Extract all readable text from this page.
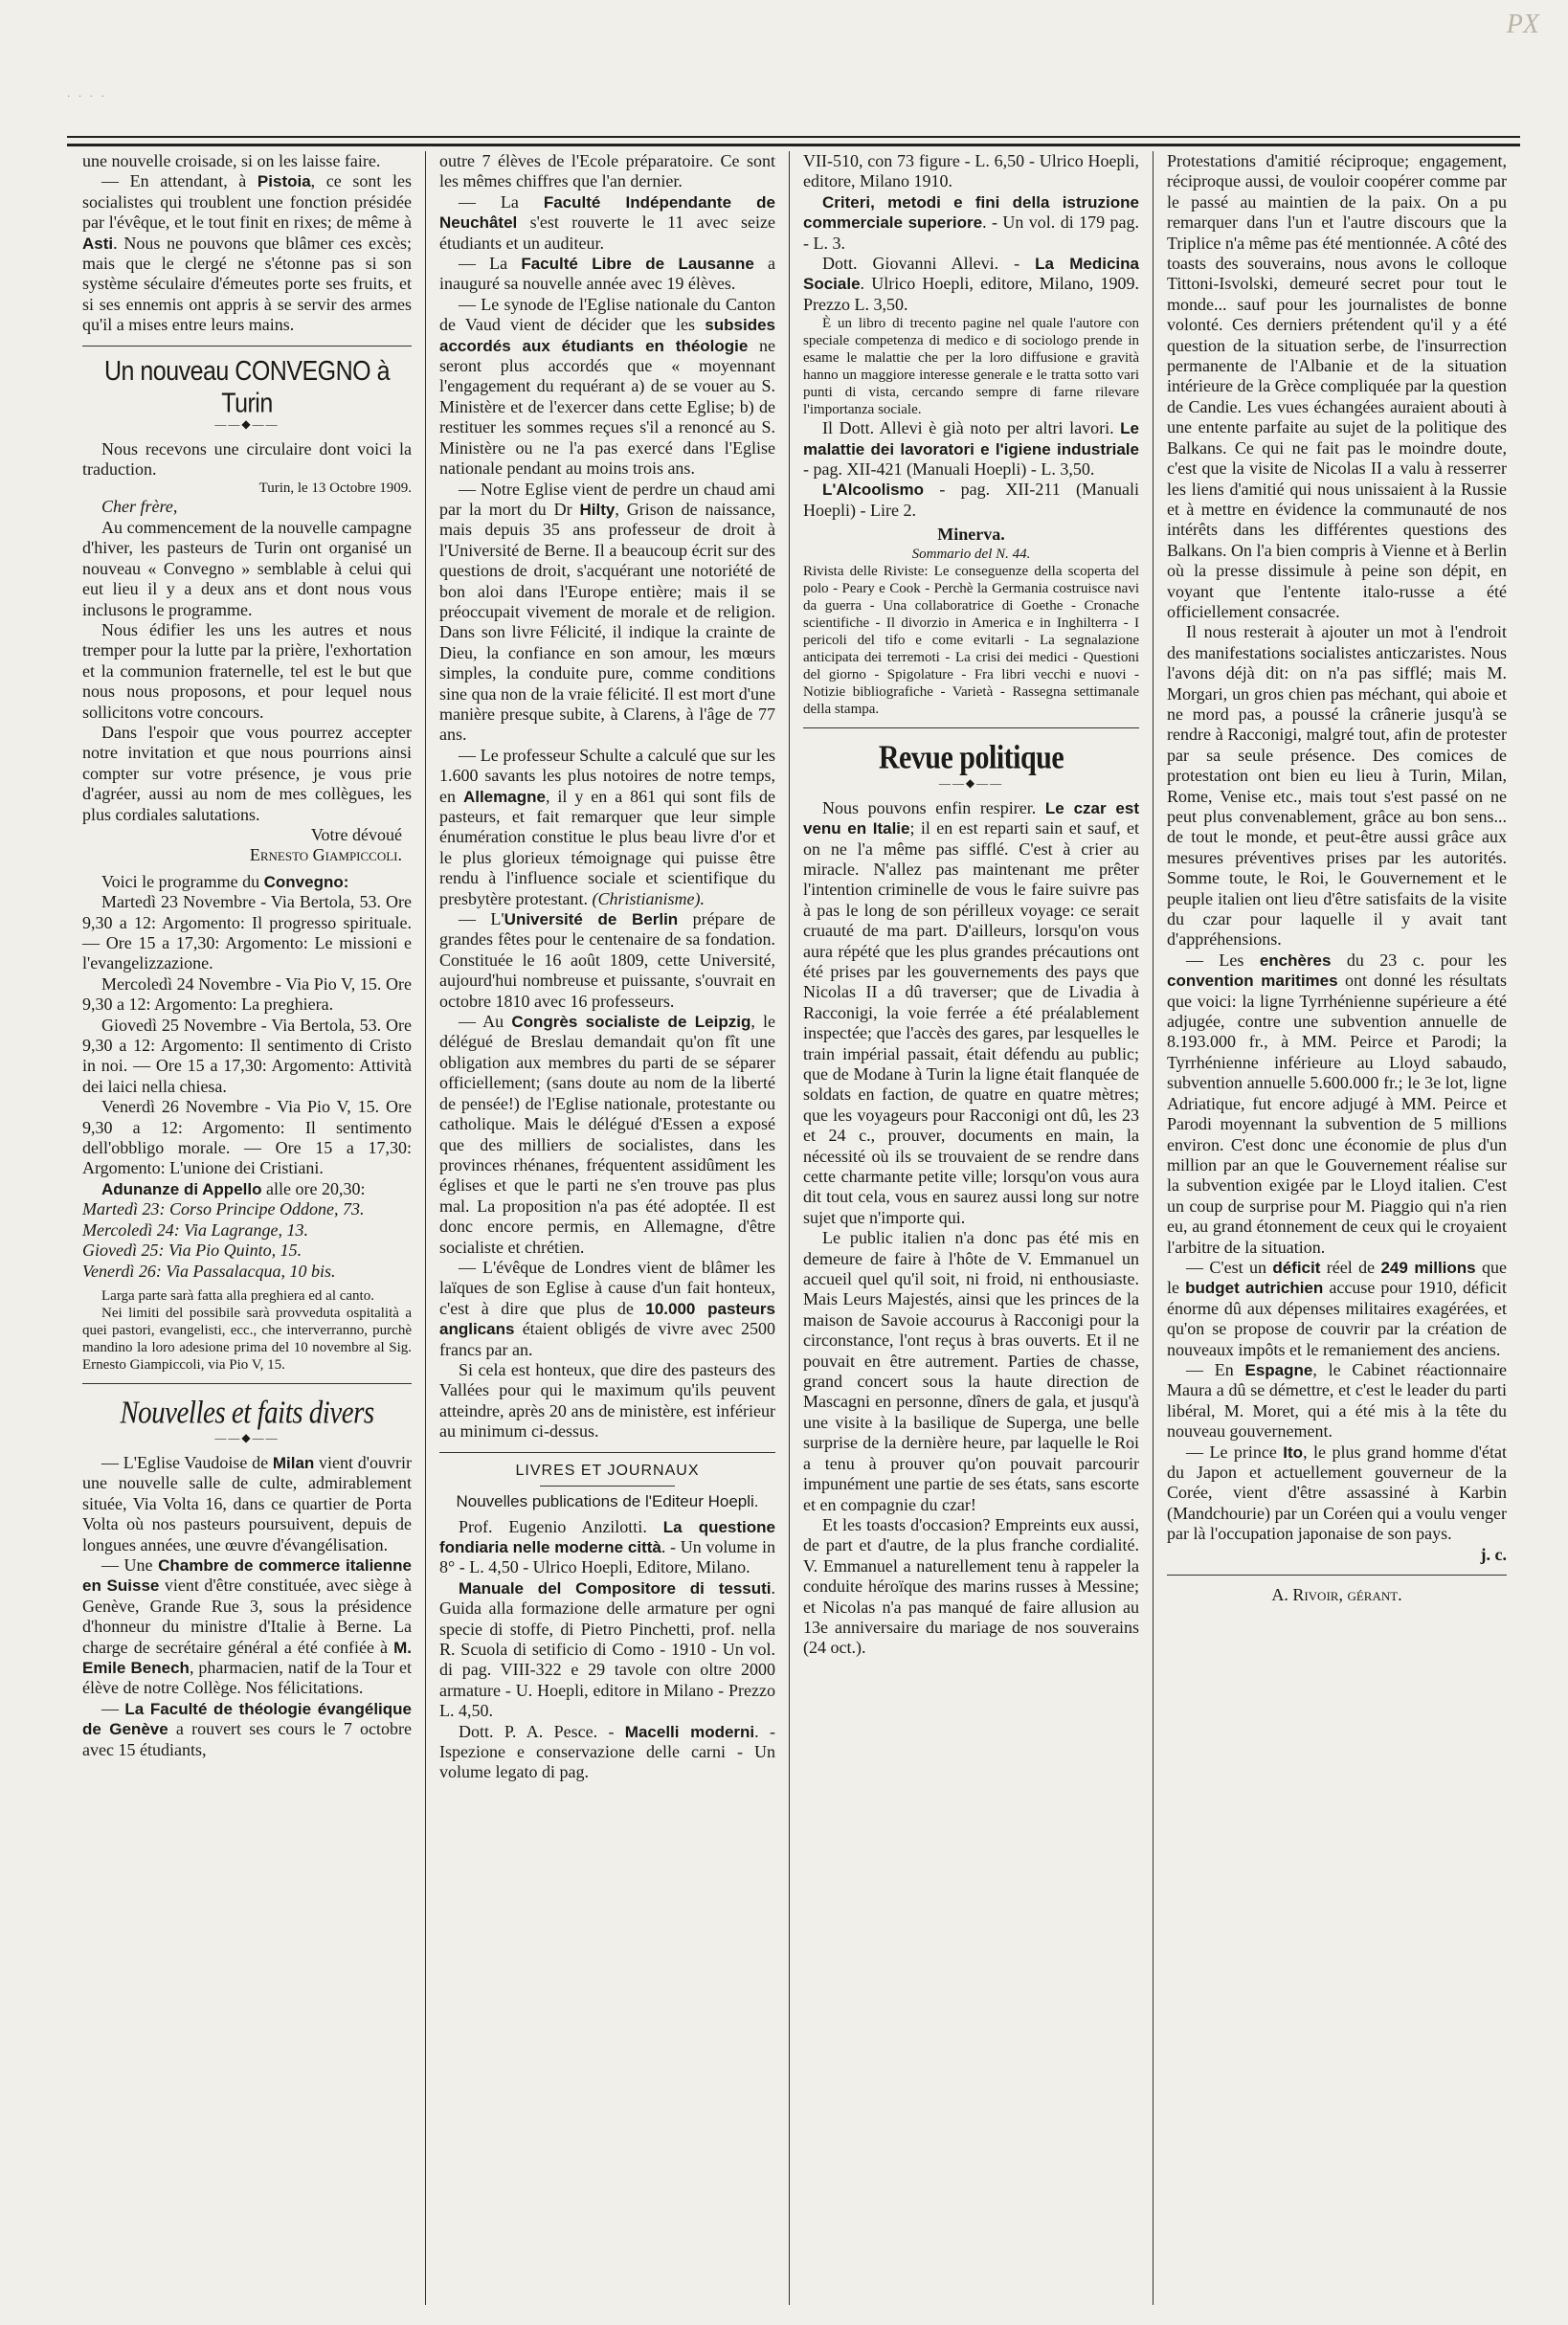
PX
· · · ·

une nouvelle croisade, si on les laisse faire.

— En attendant, à Pistoia, ce sont les socialistes qui troublent une fonction présidée par l'évêque, et le tout finit en rixes; de même à Asti. Nous ne pouvons que blâmer ces excès; mais que le clergé ne s'étonne pas si son système séculaire d'émeutes porte ses fruits, et si ses ennemis ont appris à se servir des armes qu'il a mises entre leurs mains.

Un nouveau CONVEGNO à Turin
——◆——

Nous recevons une circulaire dont voici la traduction.

Turin, le 13 Octobre 1909.

Cher frère,

Au commencement de la nouvelle campagne d'hiver, les pasteurs de Turin ont organisé un nouveau « Convegno » semblable à celui qui eut lieu il y a deux ans et dont nous vous inclusons le programme.

Nous édifier les uns les autres et nous tremper pour la lutte par la prière, l'exhortation et la communion fraternelle, tel est le but que nous nous proposons, et pour lequel nous sollicitons votre concours.

Dans l'espoir que vous pourrez accepter notre invitation et que nous pourrions ainsi compter sur votre présence, je vous prie d'agréer, aussi au nom de mes collègues, les plus cordiales salutations.

Votre dévoué

Ernesto Giampiccoli.

Voici le programme du Convegno:

Martedì 23 Novembre - Via Bertola, 53. Ore 9,30 a 12: Argomento: Il progresso spirituale. — Ore 15 a 17,30: Argomento: Le missioni e l'evangelizzazione.

Mercoledì 24 Novembre - Via Pio V, 15. Ore 9,30 a 12: Argomento: La preghiera.

Giovedì 25 Novembre - Via Bertola, 53. Ore 9,30 a 12: Argomento: Il sentimento di Cristo in noi. — Ore 15 a 17,30: Argomento: Attività dei laici nella chiesa.

Venerdì 26 Novembre - Via Pio V, 15. Ore 9,30 a 12: Argomento: Il sentimento dell'obbligo morale. — Ore 15 a 17,30: Argomento: L'unione dei Cristiani.

Adunanze di Appello alle ore 20,30:

Martedì 23: Corso Principe Oddone, 73.

Mercoledì 24: Via Lagrange, 13.

Giovedì 25: Via Pio Quinto, 15.

Venerdì 26: Via Passalacqua, 10 bis.

Larga parte sarà fatta alla preghiera ed al canto.

Nei limiti del possibile sarà provveduta ospitalità a quei pastori, evangelisti, ecc., che interverranno, purchè mandino la loro adesione prima del 10 novembre al Sig. Ernesto Giampiccoli, via Pio V, 15.

Nouvelles et faits divers
——◆——

— L'Eglise Vaudoise de Milan vient d'ouvrir une nouvelle salle de culte, admirablement située, Via Volta 16, dans ce quartier de Porta Volta où nos pasteurs poursuivent, depuis de longues années, une œuvre d'évangélisation.

— Une Chambre de commerce italienne en Suisse vient d'être constituée, avec siège à Genève, Grande Rue 3, sous la présidence d'honneur du ministre d'Italie à Berne. La charge de secrétaire général a été confiée à M. Emile Benech, pharmacien, natif de la Tour et élève de notre Collège. Nos félicitations.

— La Faculté de théologie évangélique de Genève a rouvert ses cours le 7 octobre avec 15 étudiants,

outre 7 élèves de l'Ecole préparatoire. Ce sont les mêmes chiffres que l'an dernier.

— La Faculté Indépendante de Neuchâtel s'est rouverte le 11 avec seize étudiants et un auditeur.

— La Faculté Libre de Lausanne a inauguré sa nouvelle année avec 19 élèves.

— Le synode de l'Eglise nationale du Canton de Vaud vient de décider que les subsides accordés aux étudiants en théologie ne seront plus accordés que « moyennant l'engagement du requérant a) de se vouer au S. Ministère et de l'exercer dans cette Eglise; b) de restituer les sommes reçues s'il a renoncé au S. Ministère ou ne l'a pas exercé dans l'Eglise nationale pendant au moins trois ans.

— Notre Eglise vient de perdre un chaud ami par la mort du Dr Hilty, Grison de naissance, mais depuis 35 ans professeur de droit à l'Université de Berne. Il a beaucoup écrit sur des questions de droit, s'acquérant une notoriété de bon aloi dans l'Europe entière; mais il se préoccupait vivement de morale et de religion. Dans son livre Félicité, il indique la crainte de Dieu, la confiance en son amour, les mœurs simples, la conduite pure, comme conditions sine qua non de la vraie félicité. Il est mort d'une manière presque subite, à Clarens, à l'âge de 77 ans.

— Le professeur Schulte a calculé que sur les 1.600 savants les plus notoires de notre temps, en Allemagne, il y en a 861 qui sont fils de pasteurs, et fait remarquer que leur simple énumération constitue le plus beau livre d'or et le plus glorieux témoignage qui puisse être rendu à l'influence sociale et scientifique du presbytère protestant. (Christianisme).

— L'Université de Berlin prépare de grandes fêtes pour le centenaire de sa fondation. Constituée le 16 août 1809, cette Université, aujourd'hui nombreuse et puissante, s'ouvrait en octobre 1810 avec 16 professeurs.

— Au Congrès socialiste de Leipzig, le délégué de Breslau demandait qu'on fît une obligation aux membres du parti de se séparer officiellement; (sans doute au nom de la liberté de pensée!) de l'Eglise nationale, protestante ou catholique. Mais le délégué d'Essen a exposé que des milliers de socialistes, dans les provinces rhénanes, fréquentent assidûment les églises et que le parti ne s'en trouve pas plus mal. La proposition n'a pas été adoptée. Il est donc encore permis, en Allemagne, d'être socialiste et chrétien.

— L'évêque de Londres vient de blâmer les laïques de son Eglise à cause d'un fait honteux, c'est à dire que plus de 10.000 pasteurs anglicans étaient obligés de vivre avec 2500 francs par an.

Si cela est honteux, que dire des pasteurs des Vallées pour qui le maximum qu'ils peuvent atteindre, après 20 ans de ministère, est inférieur au minimum ci-dessus.

LIVRES ET JOURNAUX
Nouvelles publications de l'Editeur Hoepli.

Prof. Eugenio Anzilotti. La questione fondiaria nelle moderne città. - Un volume in 8° - L. 4,50 - Ulrico Hoepli, Editore, Milano.

Manuale del Compositore di tessuti. Guida alla formazione delle armature per ogni specie di stoffe, di Pietro Pinchetti, prof. nella R. Scuola di setificio di Como - 1910 - Un vol. di pag. VIII-322 e 29 tavole con oltre 2000 armature - U. Hoepli, editore in Milano - Prezzo L. 4,50.

Dott. P. A. Pesce. - Macelli moderni. - Ispezione e conservazione delle carni - Un volume legato di pag.

VII-510, con 73 figure - L. 6,50 - Ulrico Hoepli, editore, Milano 1910.

Criteri, metodi e fini della istruzione commerciale superiore. - Un vol. di 179 pag. - L. 3.

Dott. Giovanni Allevi. - La Medicina Sociale. Ulrico Hoepli, editore, Milano, 1909. Prezzo L. 3,50.

È un libro di trecento pagine nel quale l'autore con speciale competenza di medico e di sociologo prende in esame le malattie che per la loro diffusione e gravità hanno un maggiore interesse generale e le tratta sotto vari punti di vista, cercando sempre di farne rilevare l'importanza sociale.

Il Dott. Allevi è già noto per altri lavori. Le malattie dei lavoratori e l'igiene industriale - pag. XII-421 (Manuali Hoepli) - L. 3,50.

L'Alcoolismo - pag. XII-211 (Manuali Hoepli) - Lire 2.

Minerva.

Sommario del N. 44.

Rivista delle Riviste: Le conseguenze della scoperta del polo - Peary e Cook - Perchè la Germania costruisce navi da guerra - Una collaboratrice di Goethe - Cronache scientifiche - Il divorzio in America e in Inghilterra - I pericoli del tifo e come evitarli - La segnalazione anticipata dei terremoti - La crisi dei medici - Questioni del giorno - Spigolature - Fra libri vecchi e nuovi - Notizie bibliografiche - Varietà - Rassegna settimanale della stampa.

Revue politique
——◆——

Nous pouvons enfin respirer. Le czar est venu en Italie; il en est reparti sain et sauf, et on ne l'a même pas sifflé. C'est à crier au miracle. N'allez pas maintenant me prêter l'intention criminelle de vous le faire suivre pas à pas le long de son périlleux voyage: ce serait cruauté de ma part. D'ailleurs, lorsqu'on vous aura répété que les plus grandes précautions ont été prises par les gouvernements des pays que Nicolas II a dû traverser; que de Livadia à Racconigi, la voie ferrée a été préalablement inspectée; que l'accès des gares, par lesquelles le train impérial passait, était défendu au public; que de Modane à Turin la ligne était flanquée de soldats en faction, de quatre en quatre mètres; que les voyageurs pour Racconigi ont dû, les 23 et 24 c., prouver, documents en main, la nécessité où ils se trouvaient de se rendre dans cette charmante petite ville; lorsqu'on vous aura dit tout cela, vous en saurez aussi long sur notre sujet que n'importe qui.

Le public italien n'a donc pas été mis en demeure de faire à l'hôte de V. Emmanuel un accueil quel qu'il soit, ni froid, ni enthousiaste. Mais Leurs Majestés, ainsi que les princes de la maison de Savoie accourus à Racconigi pour la circonstance, l'ont reçus à bras ouverts. Et il ne pouvait en être autrement. Parties de chasse, grand concert sous la haute direction de Mascagni en personne, dîners de gala, et jusqu'à une visite à la basilique de Superga, une belle surprise de la dernière heure, par laquelle le Roi a tenu à prouver qu'on pouvait parcourir impunément une partie de ses états, sans escorte et en compagnie du czar!

Et les toasts d'occasion? Empreints eux aussi, de part et d'autre, de la plus franche cordialité. V. Emmanuel a naturellement tenu à rappeler la conduite héroïque des marins russes à Messine; et Nicolas n'a pas manqué de faire allusion au 13e anniversaire du mariage de nos souverains (24 oct.).

Protestations d'amitié réciproque; engagement, réciproque aussi, de vouloir coopérer comme par le passé au maintien de la paix. On a pu remarquer dans l'un et l'autre discours que la Triplice n'a même pas été mentionnée. A côté des toasts des souverains, nous avons le colloque Tittoni-Isvolski, demeuré secret pour tout le monde... sauf pour les journalistes de bonne volonté. Ces derniers prétendent qu'il y a été question de la situation serbe, de l'insurrection permanente de l'Albanie et de la situation intérieure de la Grèce compliquée par la question de Candie. Les vues échangées auraient abouti à une entente parfaite au sujet de la politique des Balkans. Ce qui ne fait pas le moindre doute, c'est que la visite de Nicolas II a valu à resserrer les liens d'amitié qui nous unissaient à la Russie et à mettre en évidence la communauté de nos intérêts dans les différentes questions des Balkans. On l'a bien compris à Vienne et à Berlin où la presse dissimule à peine son dépit, en voyant que l'entente italo-russe a été officiellement consacrée.

Il nous resterait à ajouter un mot à l'endroit des manifestations socialistes anticzaristes. Nous l'avons déjà dit: on n'a pas sifflé; mais M. Morgari, un gros chien pas méchant, qui aboie et ne mord pas, a poussé la crânerie jusqu'à se rendre à Racconigi, malgré tout, afin de protester par sa seule présence. Des comices de protestation ont bien eu lieu à Turin, Milan, Rome, Venise etc., mais tout s'est passé on ne peut plus convenablement, grâce au bon sens... de tout le monde, et peut-être aussi grâce aux mesures préventives prises par les autorités. Somme toute, le Roi, le Gouvernement et le peuple italien ont lieu d'être satisfaits de la visite du czar pour laquelle il y avait tant d'appréhensions.

— Les enchères du 23 c. pour les convention maritimes ont donné les résultats que voici: la ligne Tyrrhénienne supérieure a été adjugée, contre une subvention annuelle de 8.193.000 fr., à MM. Peirce et Parodi; la Tyrrhénienne inférieure au Lloyd sabaudo, subvention annuelle 5.600.000 fr.; le 3e lot, ligne Adriatique, fut encore adjugé à MM. Peirce et Parodi moyennant la subvention de 5 millions environ. C'est donc une économie de plus d'un million par an que le Gouvernement réalise sur la subvention exigée par le Lloyd italien. C'est un coup de surprise pour M. Piaggio qui n'a rien eu, au grand étonnement de ceux qui le croyaient l'arbitre de la situation.

— C'est un déficit réel de 249 millions que le budget autrichien accuse pour 1910, déficit énorme dû aux dépenses militaires exagérées, et qu'on se propose de couvrir par la création de nouveaux impôts et le remaniement des anciens.

— En Espagne, le Cabinet réactionnaire Maura a dû se démettre, et c'est le leader du parti libéral, M. Moret, qui a été mis à la tête du nouveau gouvernement.

— Le prince Ito, le plus grand homme d'état du Japon et actuellement gouverneur de la Corée, vient d'être assassiné à Karbin (Mandchourie) par un Coréen qui a voulu venger par là l'occupation japonaise de son pays.

j. c.

A. Rivoir, gérant.
